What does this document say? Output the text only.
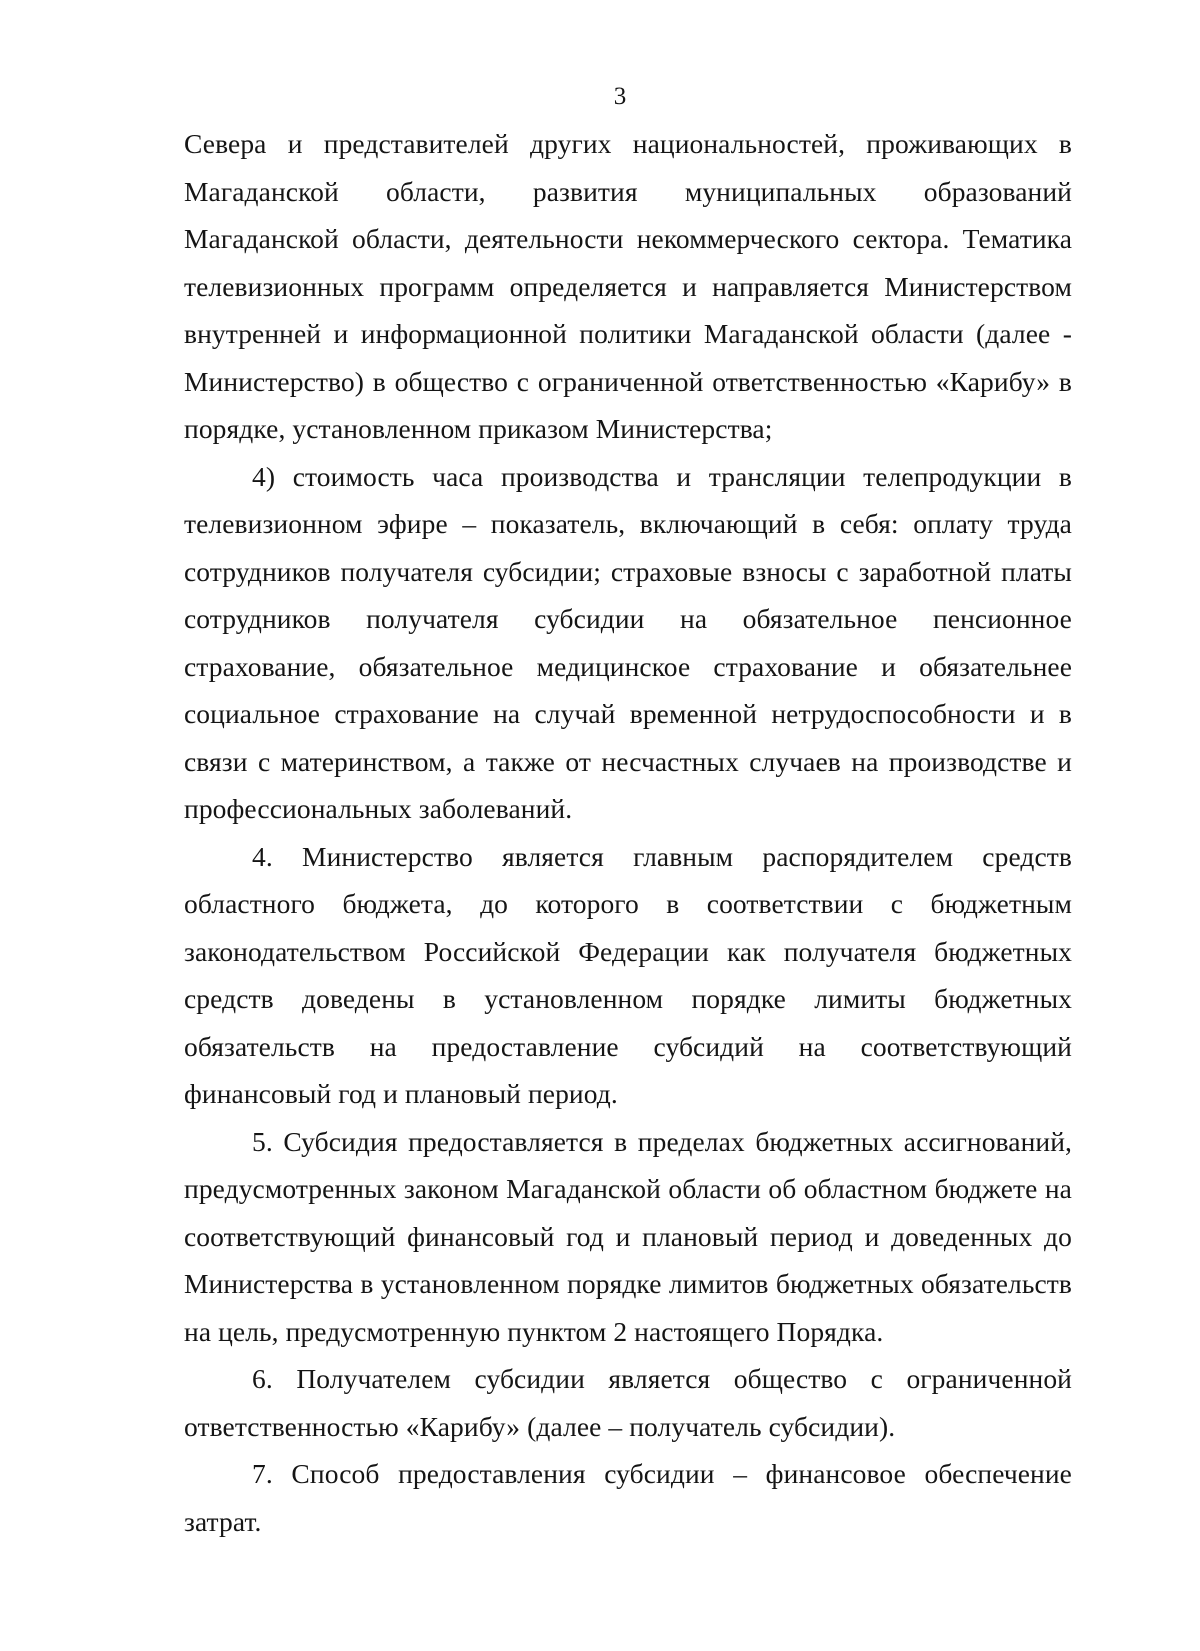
3

Севера и представителей других национальностей, проживающих в Магаданской области, развития муниципальных образований Магаданской области, деятельности некоммерческого сектора. Тематика телевизионных программ определяется и направляется Министерством внутренней и информационной политики Магаданской области (далее - Министерство) в общество с ограниченной ответственностью «Карибу» в порядке, установленном приказом Министерства;

4) стоимость часа производства и трансляции телепродукции в телевизионном эфире – показатель, включающий в себя: оплату труда сотрудников получателя субсидии; страховые взносы с заработной платы сотрудников получателя субсидии на обязательное пенсионное страхование, обязательное медицинское страхование и обязательнее социальное страхование на случай временной нетрудоспособности и в связи с материнством, а также от несчастных случаев на производстве и профессиональных заболеваний.

4. Министерство является главным распорядителем средств областного бюджета, до которого в соответствии с бюджетным законодательством Российской Федерации как получателя бюджетных средств доведены в установленном порядке лимиты бюджетных обязательств на предоставление субсидий на соответствующий финансовый год и плановый период.

5. Субсидия предоставляется в пределах бюджетных ассигнований, предусмотренных законом Магаданской области об областном бюджете на соответствующий финансовый год и плановый период и доведенных до Министерства в установленном порядке лимитов бюджетных обязательств на цель, предусмотренную пунктом 2 настоящего Порядка.

6. Получателем субсидии является общество с ограниченной ответственностью «Карибу» (далее – получатель субсидии).

7. Способ предоставления субсидии – финансовое обеспечение затрат.
